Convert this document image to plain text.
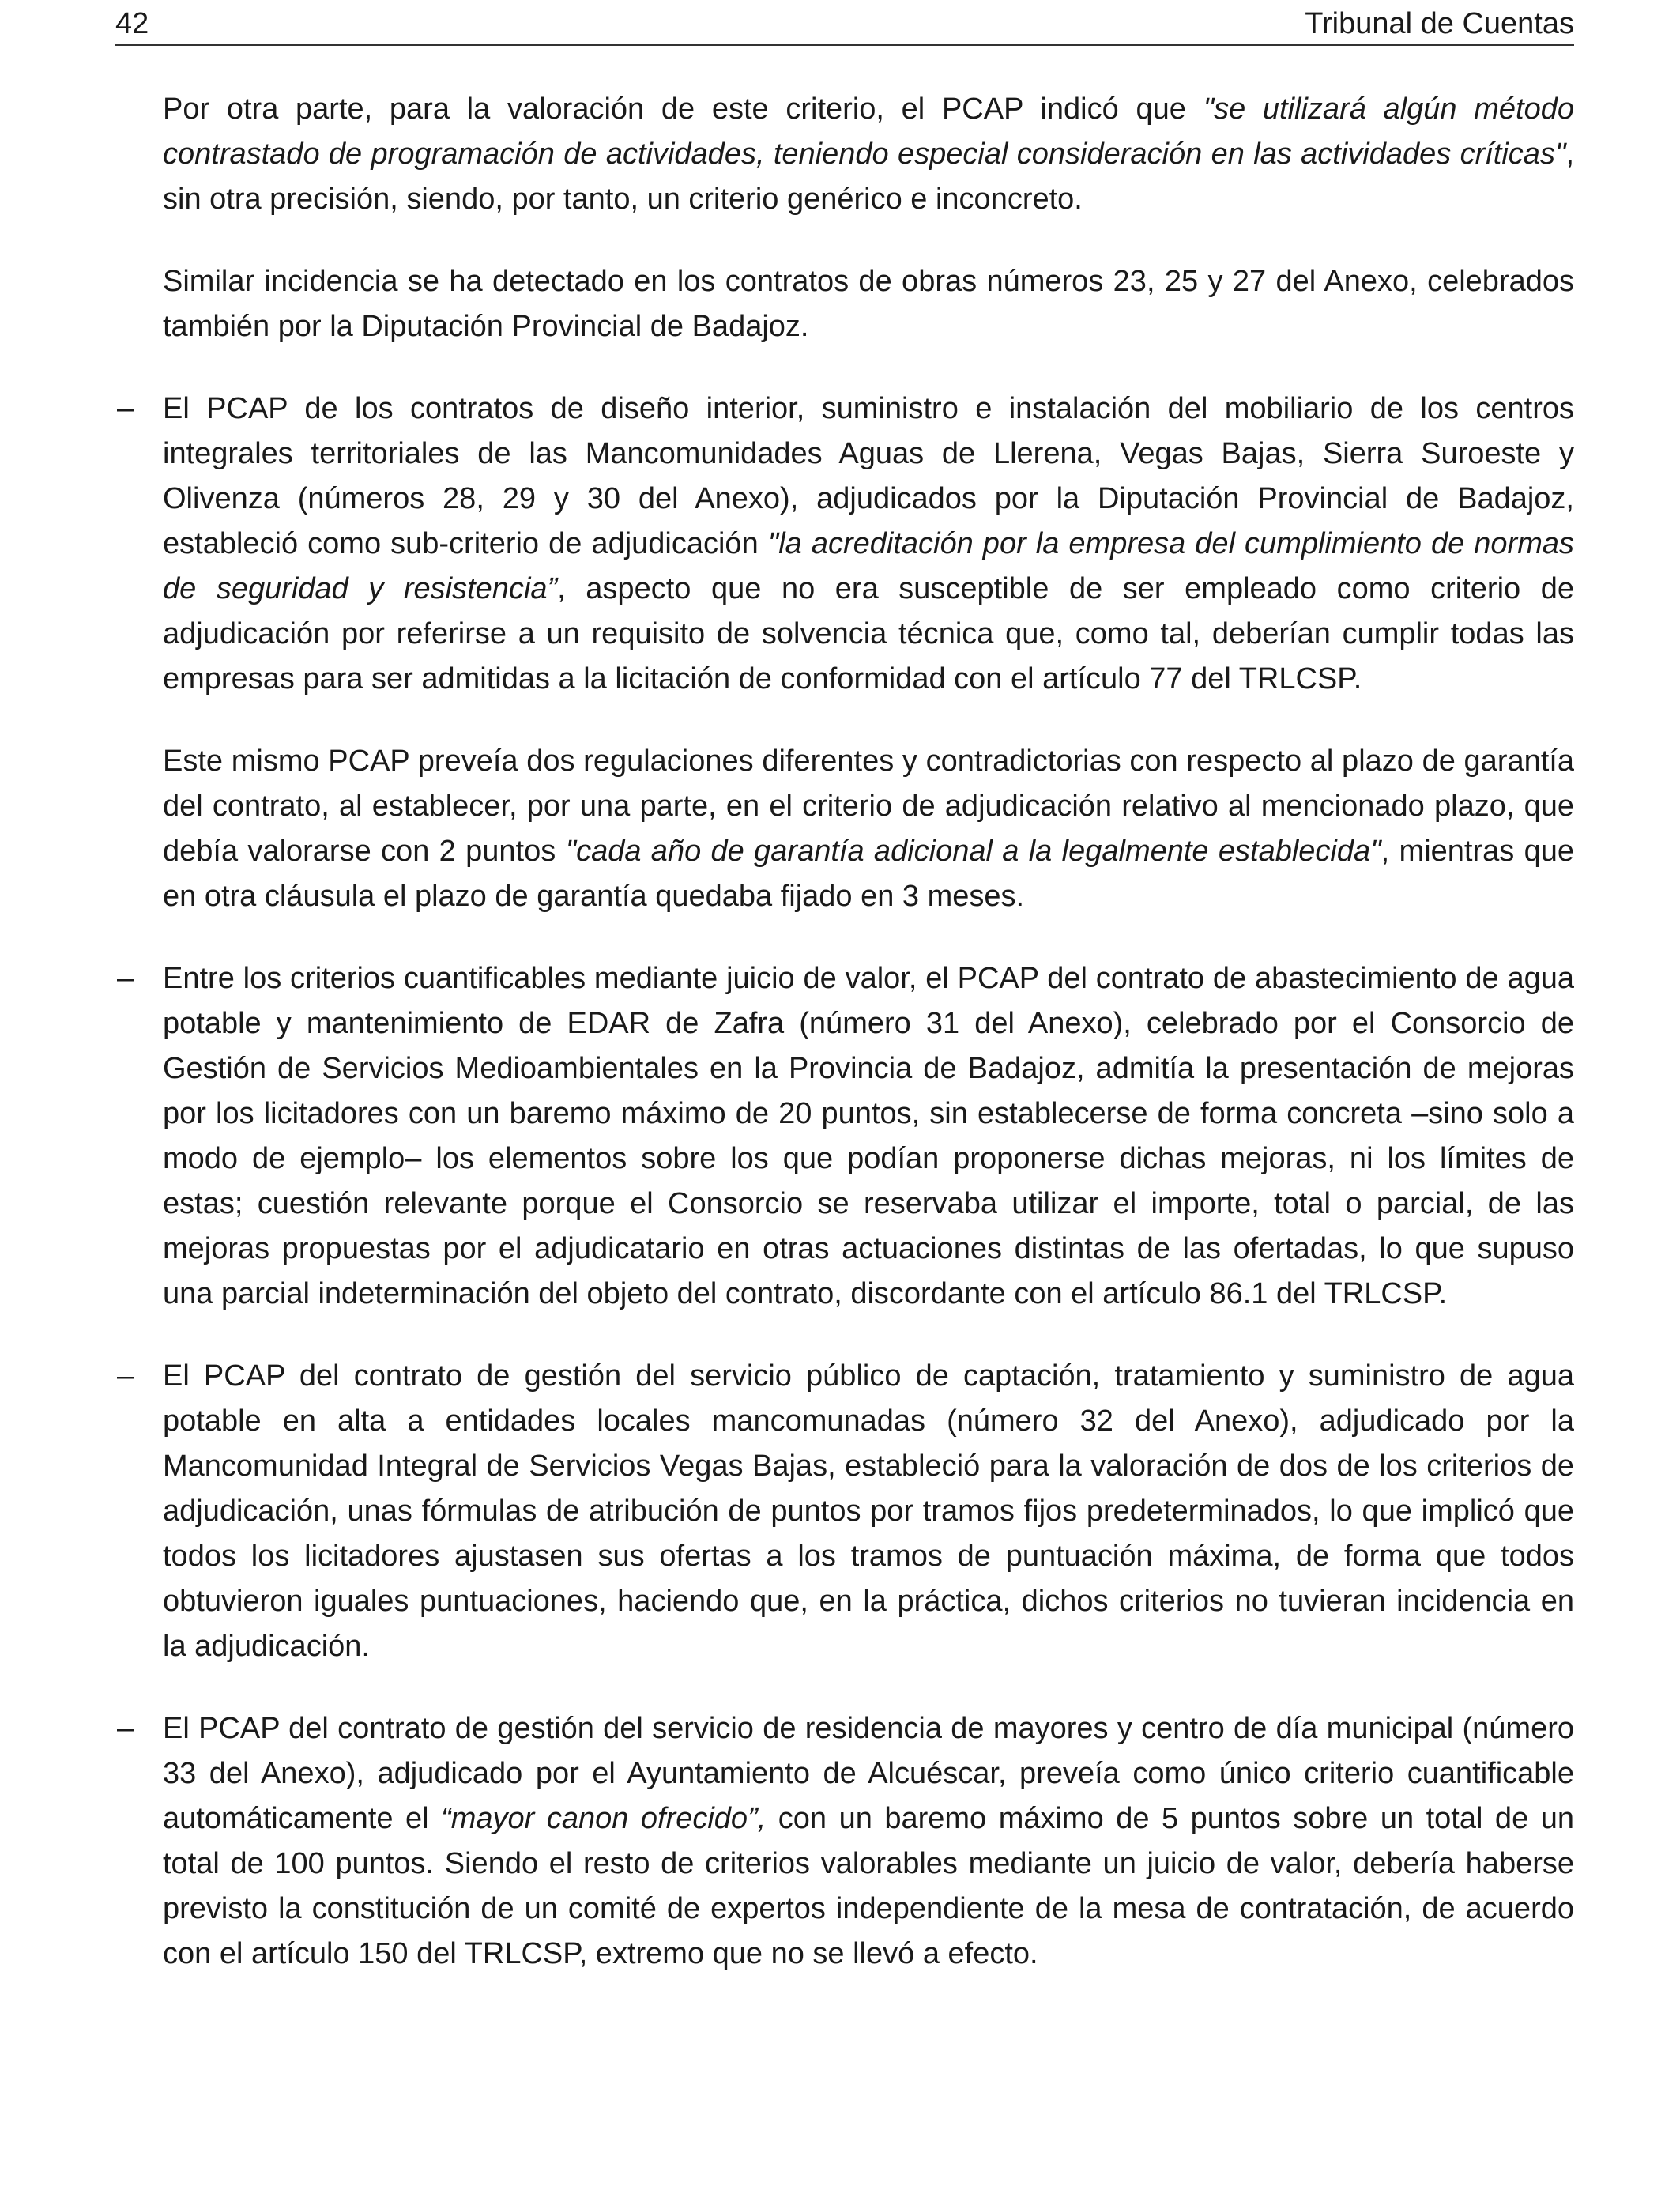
42	Tribunal de Cuentas

Por otra parte, para la valoración de este criterio, el PCAP indicó que "se utilizará algún método contrastado de programación de actividades, teniendo especial consideración en las actividades críticas", sin otra precisión, siendo, por tanto, un criterio genérico e inconcreto.

Similar incidencia se ha detectado en los contratos de obras números 23, 25 y 27 del Anexo, celebrados también por la Diputación Provincial de Badajoz.

– El PCAP de los contratos de diseño interior, suministro e instalación del mobiliario de los centros integrales territoriales de las Mancomunidades Aguas de Llerena, Vegas Bajas, Sierra Suroeste y Olivenza (números 28, 29 y 30 del Anexo), adjudicados por la Diputación Provincial de Badajoz, estableció como sub-criterio de adjudicación "la acreditación por la empresa del cumplimiento de normas de seguridad y resistencia”, aspecto que no era susceptible de ser empleado como criterio de adjudicación por referirse a un requisito de solvencia técnica que, como tal, deberían cumplir todas las empresas para ser admitidas a la licitación de conformidad con el artículo 77 del TRLCSP.

Este mismo PCAP preveía dos regulaciones diferentes y contradictorias con respecto al plazo de garantía del contrato, al establecer, por una parte, en el criterio de adjudicación relativo al mencionado plazo, que debía valorarse con 2 puntos "cada año de garantía adicional a la legalmente establecida", mientras que en otra cláusula el plazo de garantía quedaba fijado en 3 meses.

– Entre los criterios cuantificables mediante juicio de valor, el PCAP del contrato de abastecimiento de agua potable y mantenimiento de EDAR de Zafra (número 31 del Anexo), celebrado por el Consorcio de Gestión de Servicios Medioambientales en la Provincia de Badajoz, admitía la presentación de mejoras por los licitadores con un baremo máximo de 20 puntos, sin establecerse de forma concreta –sino solo a modo de ejemplo– los elementos sobre los que podían proponerse dichas mejoras, ni los límites de estas; cuestión relevante porque el Consorcio se reservaba utilizar el importe, total o parcial, de las mejoras propuestas por el adjudicatario en otras actuaciones distintas de las ofertadas, lo que supuso una parcial indeterminación del objeto del contrato, discordante con el artículo 86.1 del TRLCSP.

– El PCAP del contrato de gestión del servicio público de captación, tratamiento y suministro de agua potable en alta a entidades locales mancomunadas (número 32 del Anexo), adjudicado por la Mancomunidad Integral de Servicios Vegas Bajas, estableció para la valoración de dos de los criterios de adjudicación, unas fórmulas de atribución de puntos por tramos fijos predeterminados, lo que implicó que todos los licitadores ajustasen sus ofertas a los tramos de puntuación máxima, de forma que todos obtuvieron iguales puntuaciones, haciendo que, en la práctica, dichos criterios no tuvieran incidencia en la adjudicación.

– El PCAP del contrato de gestión del servicio de residencia de mayores y centro de día municipal (número 33 del Anexo), adjudicado por el Ayuntamiento de Alcuéscar, preveía como único criterio cuantificable automáticamente el “mayor canon ofrecido”, con un baremo máximo de 5 puntos sobre un total de un total de 100 puntos. Siendo el resto de criterios valorables mediante un juicio de valor, debería haberse previsto la constitución de un comité de expertos independiente de la mesa de contratación, de acuerdo con el artículo 150 del TRLCSP, extremo que no se llevó a efecto.
